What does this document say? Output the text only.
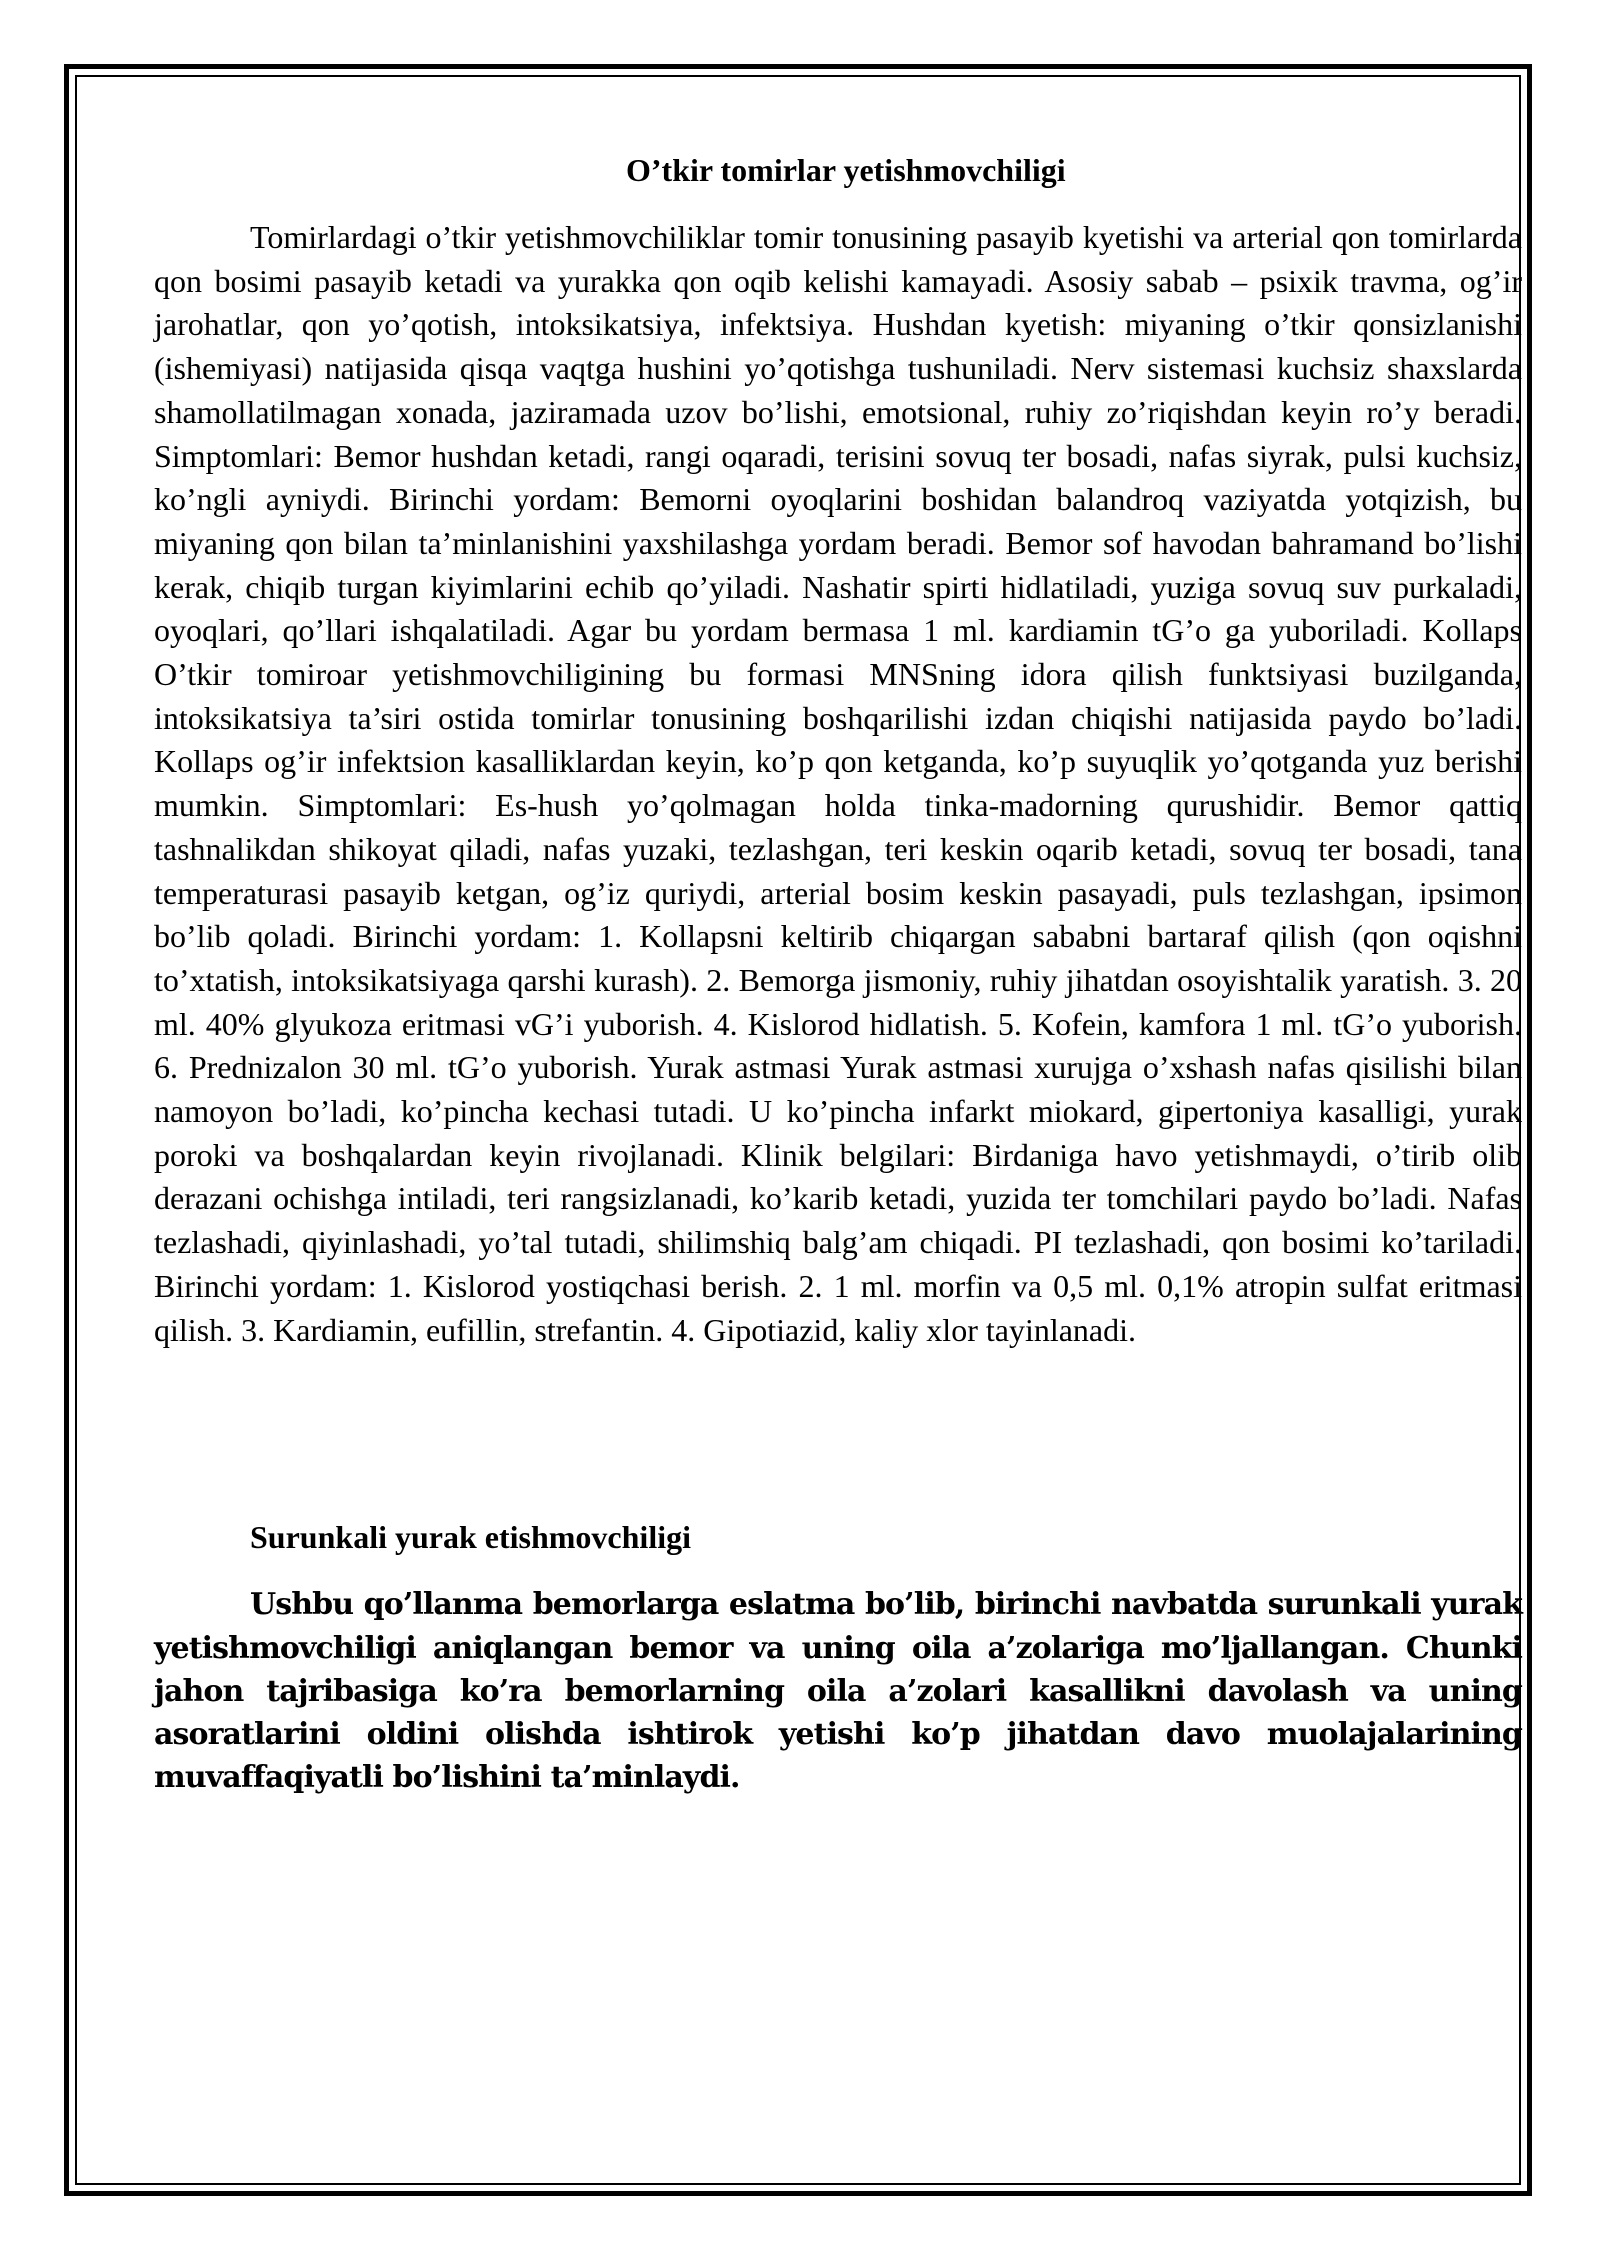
O’tkir tomirlar yetishmovchiligi

Tomirlardagi o’tkir yetishmovchiliklar tomir tonusining pasayib kyetishi va arterial qon tomirlarda qon bosimi pasayib ketadi va yurakka qon oqib kelishi kamayadi. Asosiy sabab – psixik travma, og’ir jarohatlar, qon yo’qotish, intoksikatsiya, infektsiya. Hushdan kyetish: miyaning o’tkir qonsizlanishi (ishemiyasi) natijasida qisqa vaqtga hushini yo’qotishga tushuniladi. Nerv sistemasi kuchsiz shaxslarda shamollatilmagan xonada, jaziramada uzov bo’lishi, emotsional, ruhiy zo’riqishdan keyin ro’y beradi. Simptomlari: Bemor hushdan ketadi, rangi oqaradi, terisini sovuq ter bosadi, nafas siyrak, pulsi kuchsiz, ko’ngli ayniydi. Birinchi yordam: Bemorni oyoqlarini boshidan balandroq vaziyatda yotqizish, bu miyaning qon bilan ta’minlanishini yaxshilashga yordam beradi. Bemor sof havodan bahramand bo’lishi kerak, chiqib turgan kiyimlarini echib qo’yiladi. Nashatir spirti hidlatiladi, yuziga sovuq suv purkaladi, oyoqlari, qo’llari ishqalatiladi. Agar bu yordam bermasa 1 ml. kardiamin tG’o ga yuboriladi. Kollaps O’tkir tomiroar yetishmovchiligining bu formasi MNSning idora qilish funktsiyasi buzilganda, intoksikatsiya ta’siri ostida tomirlar tonusining boshqarilishi izdan chiqishi natijasida paydo bo’ladi. Kollaps og’ir infektsion kasalliklardan keyin, ko’p qon ketganda, ko’p suyuqlik yo’qotganda yuz berishi mumkin. Simptomlari: Es-hush yo’qolmagan holda tinka-madorning qurushidir. Bemor qattiq tashnalikdan shikoyat qiladi, nafas yuzaki, tezlashgan, teri keskin oqarib ketadi, sovuq ter bosadi, tana temperaturasi pasayib ketgan, og’iz quriydi, arterial bosim keskin pasayadi, puls tezlashgan, ipsimon bo’lib qoladi. Birinchi yordam: 1. Kollapsni keltirib chiqargan sababni bartaraf qilish (qon oqishni to’xtatish, intoksikatsiyaga qarshi kurash). 2. Bemorga jismoniy, ruhiy jihatdan osoyishtalik yaratish. 3. 20 ml. 40% glyukoza eritmasi vG’i yuborish. 4. Kislorod hidlatish. 5. Kofein, kamfora 1 ml. tG’o yuborish. 6. Prednizalon 30 ml. tG’o yuborish. Yurak astmasi Yurak astmasi xurujga o’xshash nafas qisilishi bilan namoyon bo’ladi, ko’pincha kechasi tutadi. U ko’pincha infarkt miokard, gipertoniya kasalligi, yurak poroki va boshqalardan keyin rivojlanadi. Klinik belgilari: Birdaniga havo yetishmaydi, o’tirib olib derazani ochishga intiladi, teri rangsizlanadi, ko’karib ketadi, yuzida ter tomchilari paydo bo’ladi. Nafas tezlashadi, qiyinlashadi, yo’tal tutadi, shilimshiq balg’am chiqadi. PI tezlashadi, qon bosimi ko’tariladi. Birinchi yordam: 1. Kislorod yostiqchasi berish. 2. 1 ml. morfin va 0,5 ml. 0,1% atropin sulfat eritmasi qilish. 3. Kardiamin, eufillin, strefantin. 4. Gipotiazid, kaliy xlor tayinlanadi.

Surunkali yurak etishmovchiligi

Ushbu qo’llanma bemorlarga eslatma bo’lib, birinchi navbatda surunkali yurak yetishmovchiligi aniqlangan bemor va uning oila a’zolariga mo’ljallangan. Chunki jahon tajribasiga ko’ra bemorlarning oila a’zolari kasallikni davolash va uning asoratlarini oldini olishda ishtirok yetishi ko’p jihatdan davo muolajalarining muvaffaqiyatli bo’lishini ta’minlaydi.
